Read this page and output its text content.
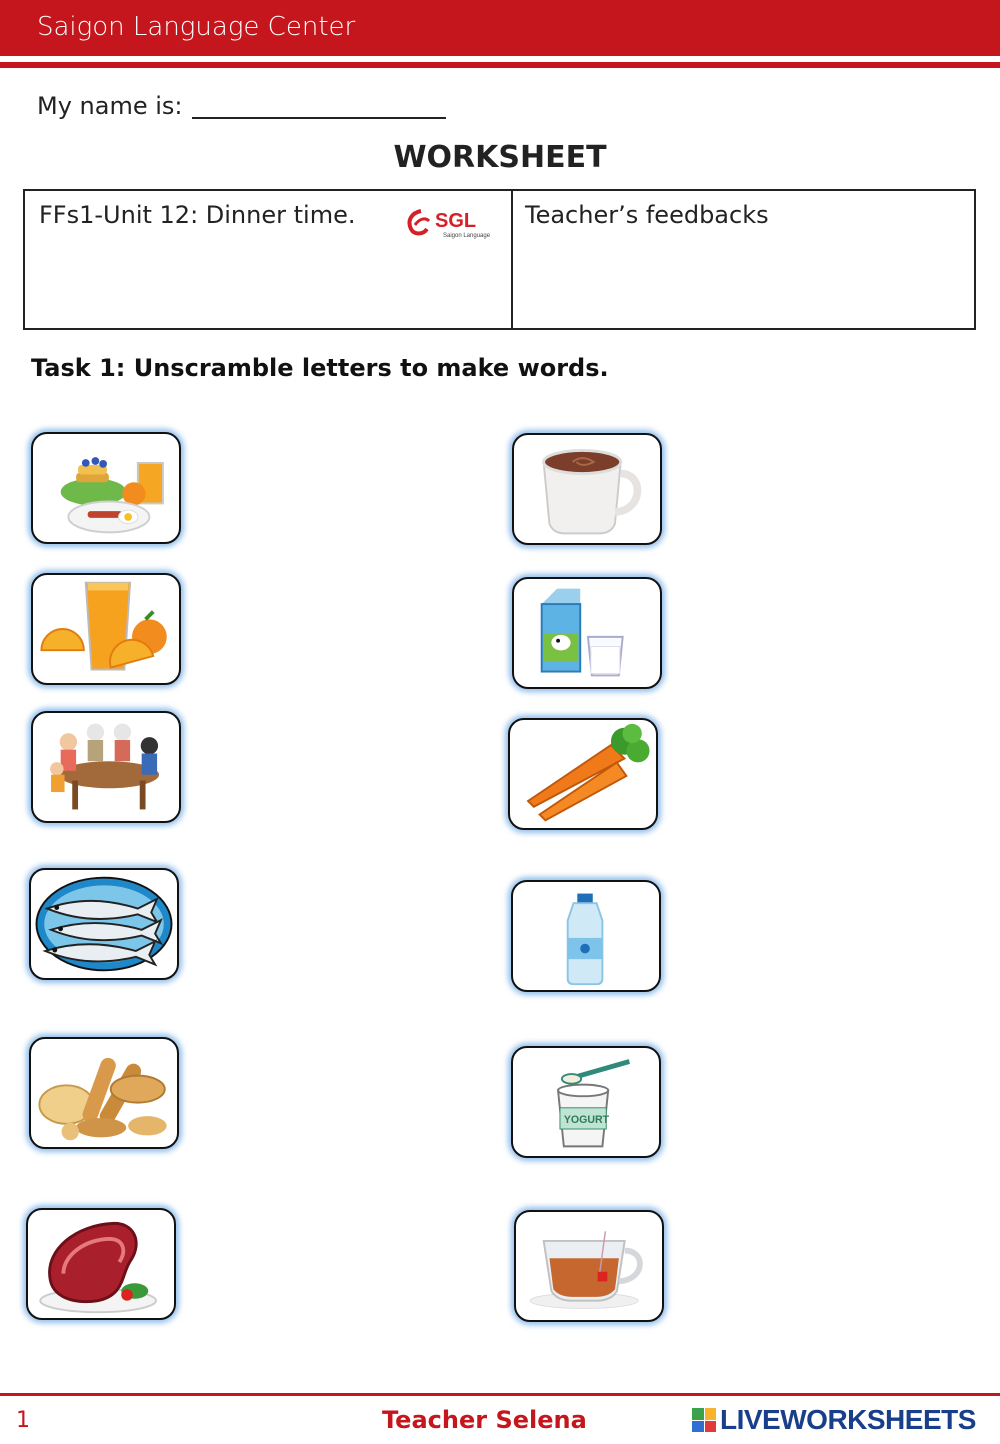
Saigon Language Center
My name is:
WORKSHEET
FFs1-Unit 12: Dinner time.	SGL
Saigon Language
Teacher’s feedbacks
Task 1: Unscramble letters to make words.
YOGURT
1	Teacher Selena	LIVEWORKSHEETS
